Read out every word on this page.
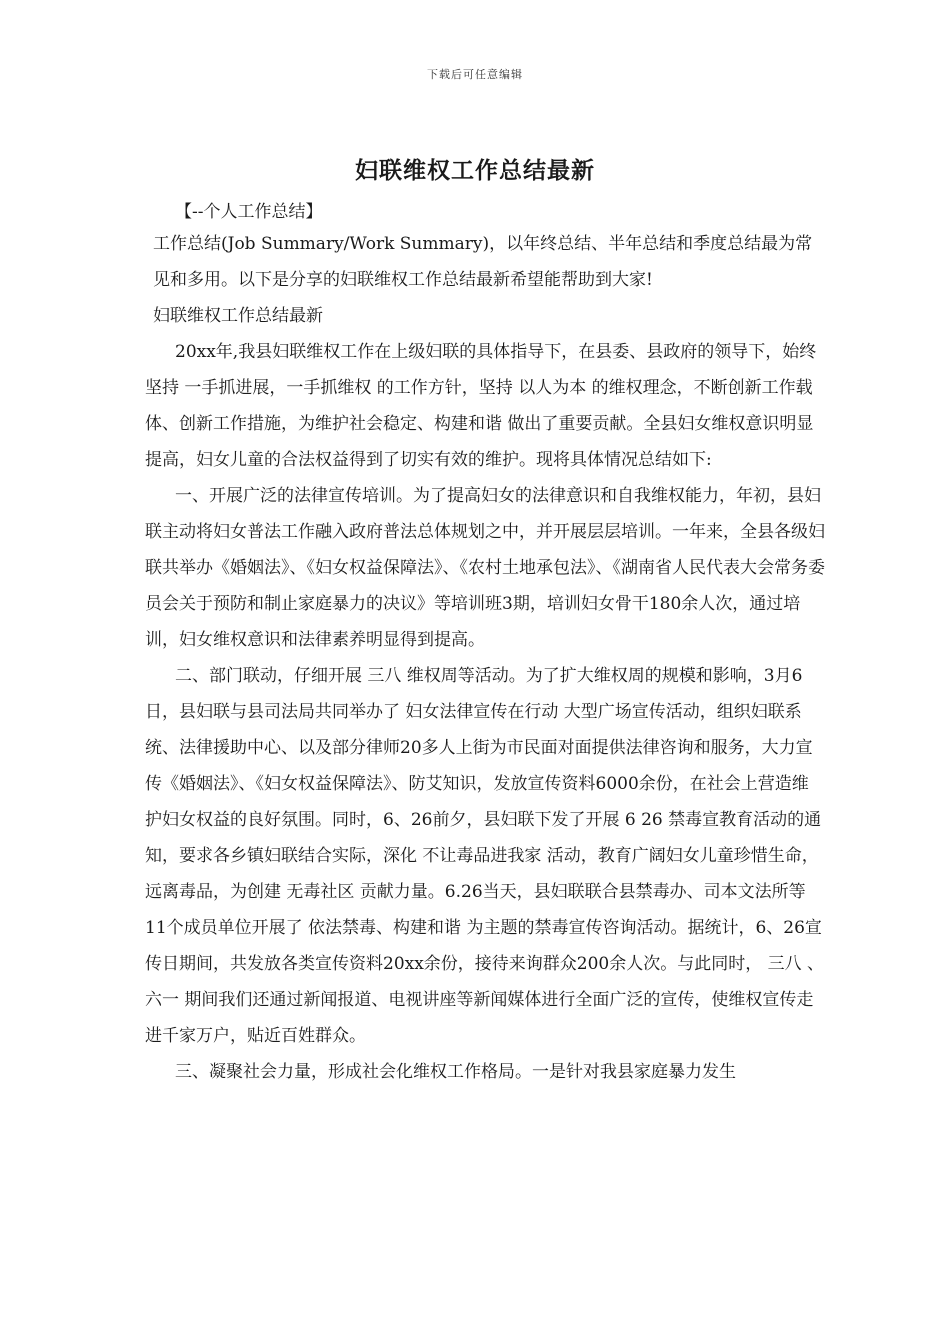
下载后可任意编辑
妇联维权工作总结最新

【--个人工作总结】

工作总结(Job Summary/Work Summary)，以年终总结、半年总结和季度总结最为常见和多用。以下是分享的妇联维权工作总结最新希望能帮助到大家!

妇联维权工作总结最新

20xx年,我县妇联维权工作在上级妇联的具体指导下，在县委、县政府的领导下，始终坚持 一手抓进展，一手抓维权 的工作方针，坚持 以人为本 的维权理念，不断创新工作载体、创新工作措施，为维护社会稳定、构建和谐 做出了重要贡献。全县妇女维权意识明显提高，妇女儿童的合法权益得到了切实有效的维护。现将具体情况总结如下:

一、开展广泛的法律宣传培训。为了提高妇女的法律意识和自我维权能力，年初，县妇联主动将妇女普法工作融入政府普法总体规划之中，并开展层层培训。一年来，全县各级妇联共举办《婚姻法》、《妇女权益保障法》、《农村土地承包法》、《湖南省人民代表大会常务委员会关于预防和制止家庭暴力的决议》等培训班3期，培训妇女骨干180余人次，通过培训，妇女维权意识和法律素养明显得到提高。

二、部门联动，仔细开展 三八 维权周等活动。为了扩大维权周的规模和影响，3月6日，县妇联与县司法局共同举办了 妇女法律宣传在行动 大型广场宣传活动，组织妇联系统、法律援助中心、以及部分律师20多人上街为市民面对面提供法律咨询和服务，大力宣传《婚姻法》、《妇女权益保障法》、防艾知识，发放宣传资料6000余份，在社会上营造维护妇女权益的良好氛围。同时，6、26前夕，县妇联下发了开展 6 26 禁毒宣教育活动的通知，要求各乡镇妇联结合实际，深化 不让毒品进我家 活动，教育广阔妇女儿童珍惜生命，远离毒品，为创建 无毒社区 贡献力量。6.26当天，县妇联联合县禁毒办、司本文法所等11个成员单位开展了 依法禁毒、构建和谐 为主题的禁毒宣传咨询活动。据统计，6、26宣传日期间，共发放各类宣传资料20xx余份，接待来询群众200余人次。与此同时， 三八 、 六一 期间我们还通过新闻报道、电视讲座等新闻媒体进行全面广泛的宣传，使维权宣传走进千家万户，贴近百姓群众。

三、凝聚社会力量，形成社会化维权工作格局。一是针对我县家庭暴力发生
